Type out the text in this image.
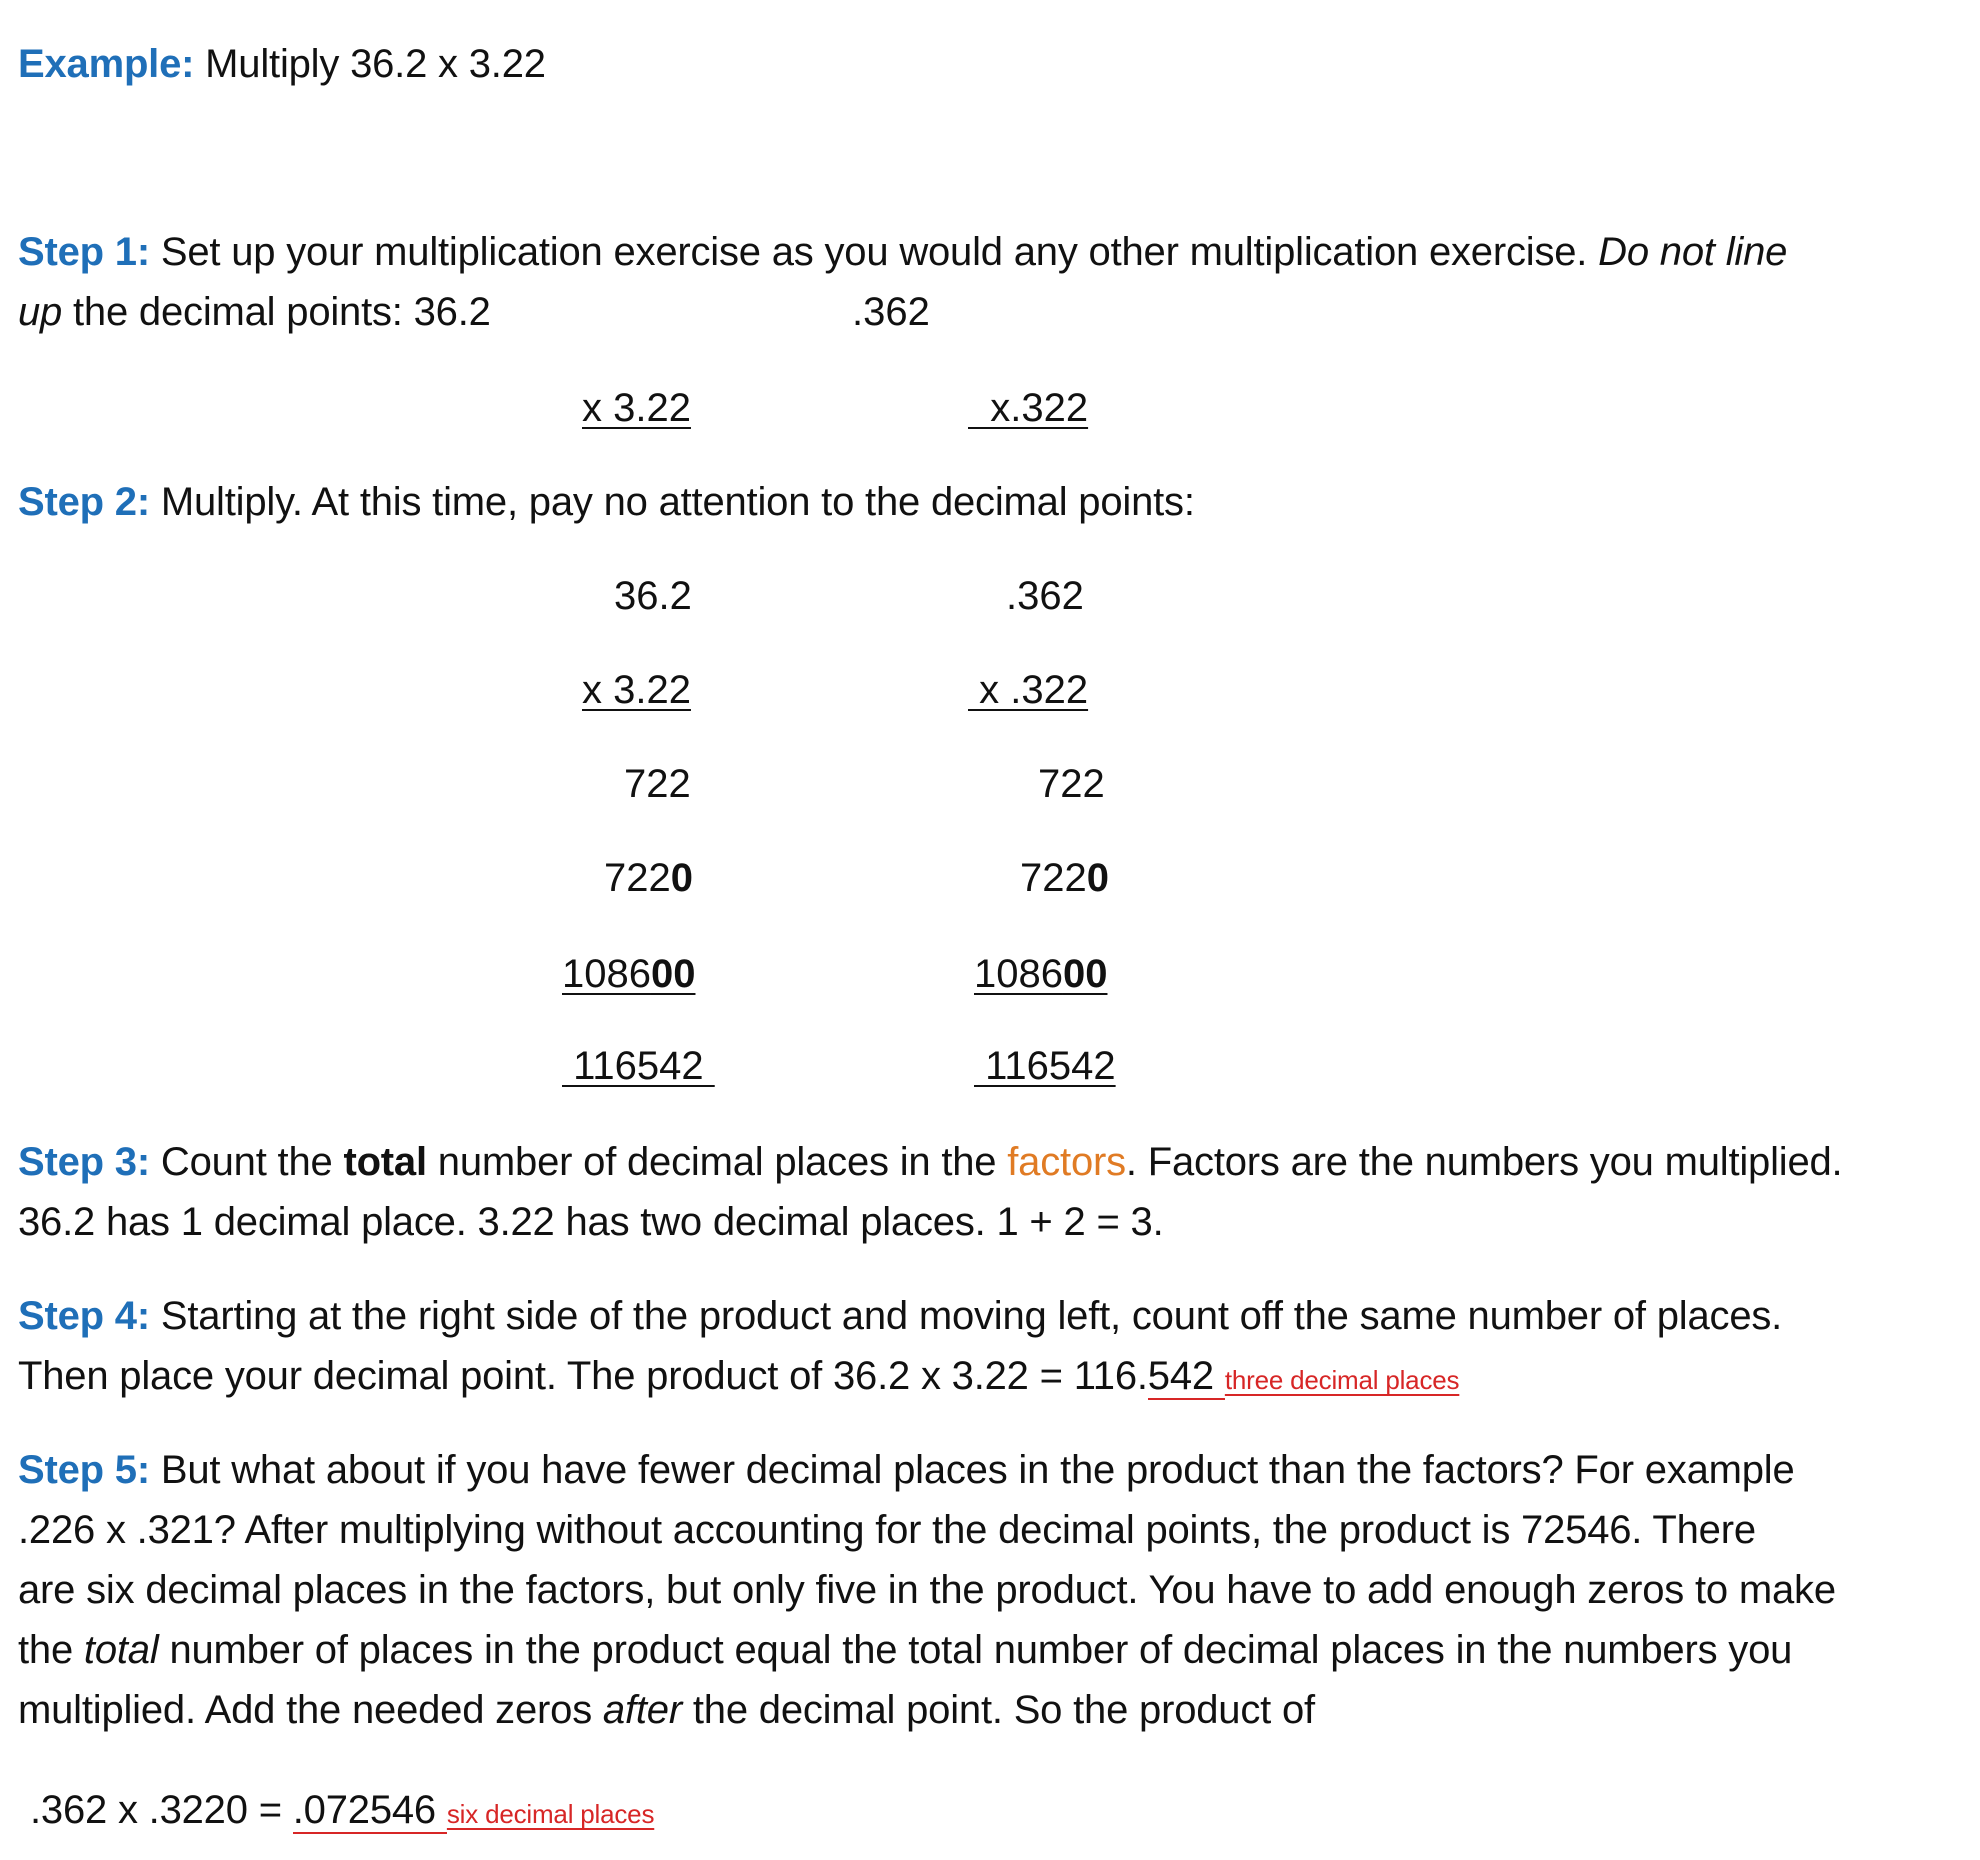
Example: Multiply 36.2 x 3.22
Step 1: Set up your multiplication exercise as you would any other multiplication exercise. Do not line
up the decimal points: 36.2	.362
x 3.22	x.322
Step 2: Multiply. At this time, pay no attention to the decimal points:
36.2
x 3.22
722
7220
108600
116542
.362
x .322
722
7220
108600
116542
Step 3: Count the total number of decimal places in the factors. Factors are the numbers you multiplied.
36.2 has 1 decimal place. 3.22 has two decimal places. 1 + 2 = 3.
Step 4: Starting at the right side of the product and moving left, count off the same number of places.
Then place your decimal point. The product of 36.2 x 3.22 = 116.542 three decimal places
Step 5: But what about if you have fewer decimal places in the product than the factors? For example
.226 x .321? After multiplying without accounting for the decimal points, the product is 72546. There
are six decimal places in the factors, but only five in the product. You have to add enough zeros to make
the total number of places in the product equal the total number of decimal places in the numbers you
multiplied. Add the needed zeros after the decimal point. So the product of
.362 x .3220 = .072546 six decimal places
